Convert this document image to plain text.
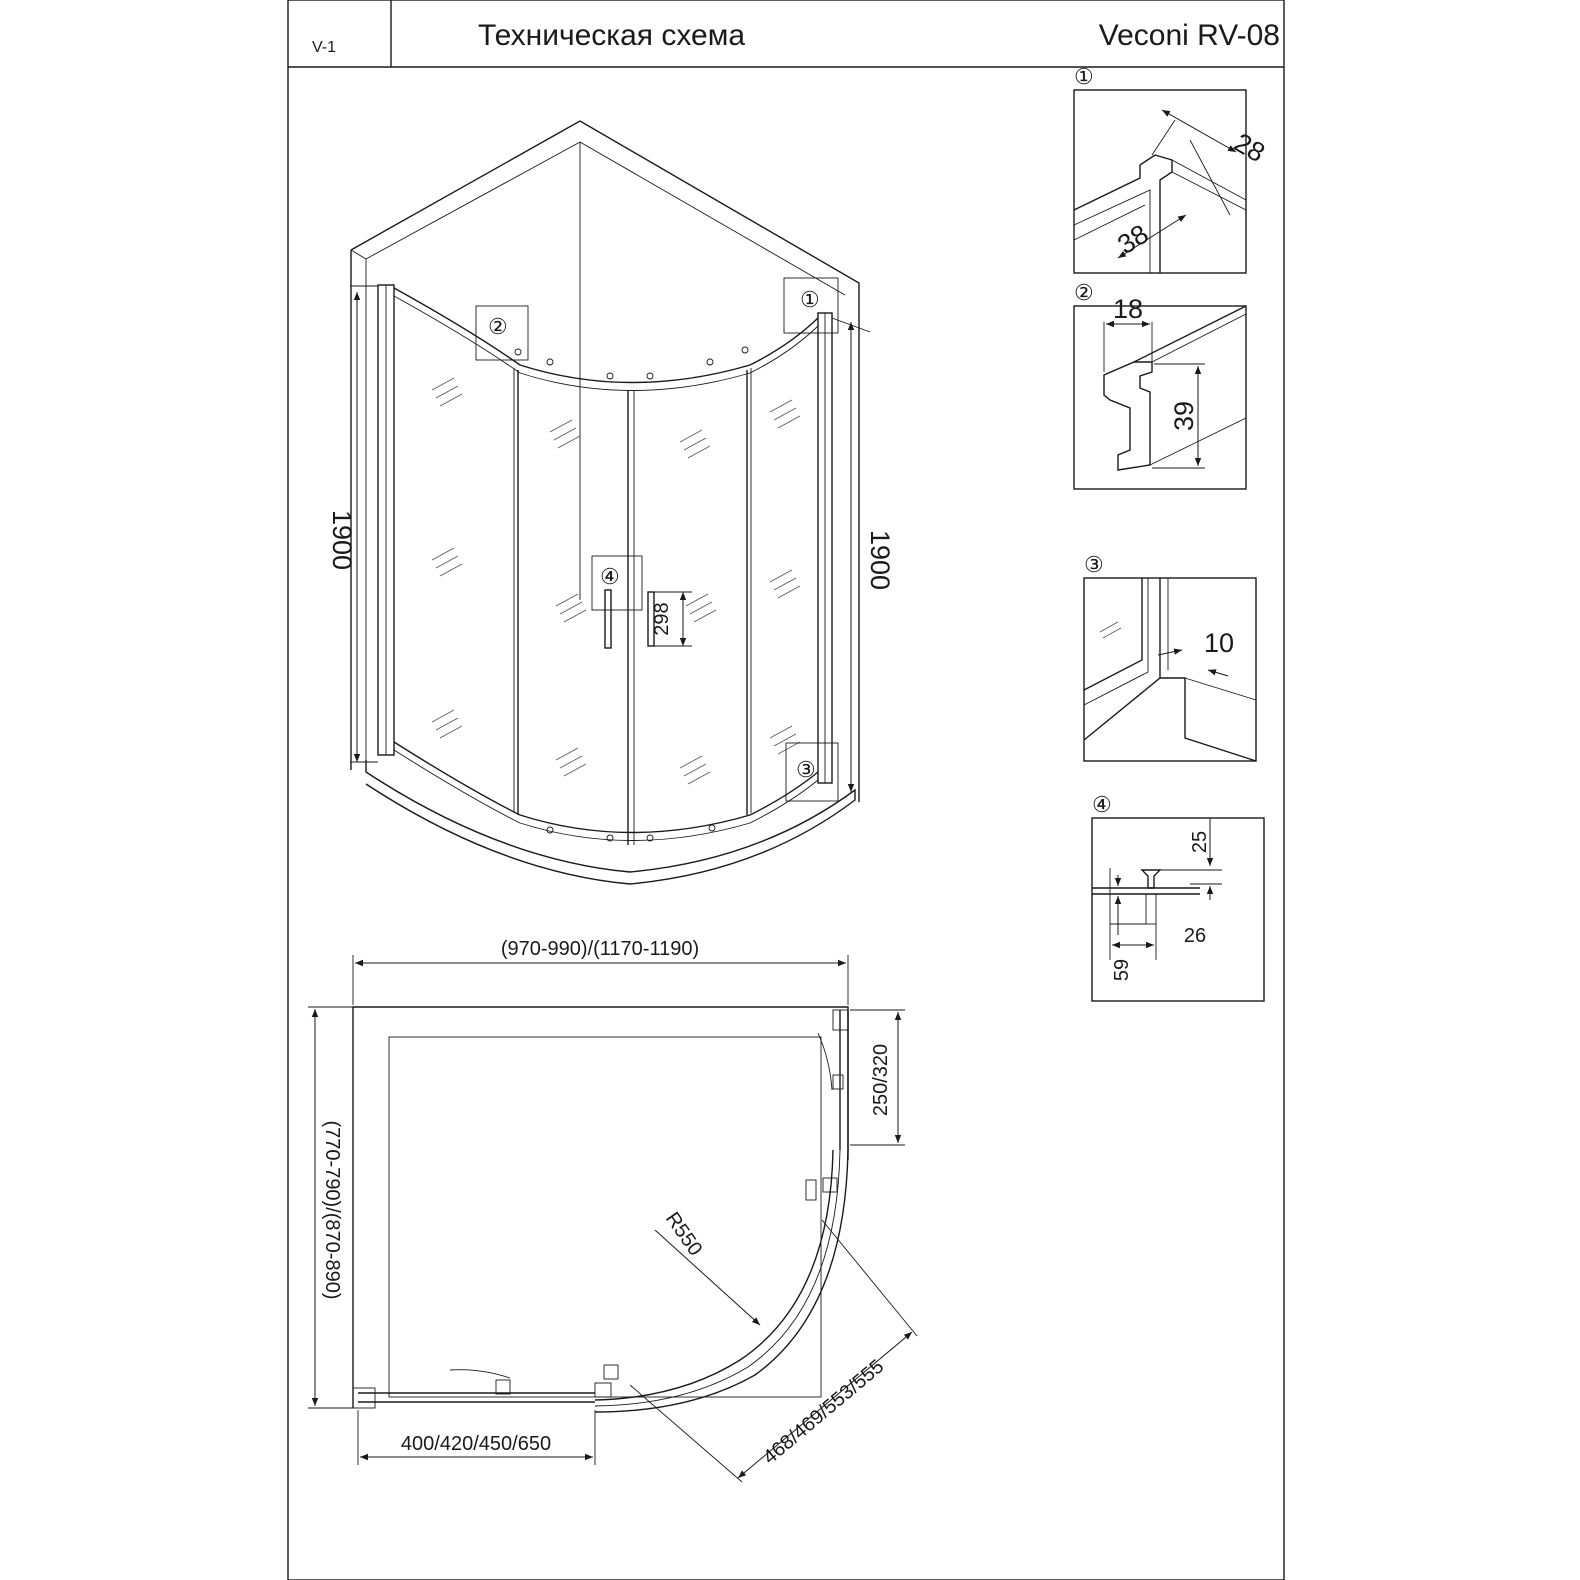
V-1	Техническая схема	Veconi RV-08
①
②
③
④
1900	1900
298
R550
(970-990)/(1170-1190)
(770-790)/(870-890)
250/320
400/420/450/650	468/469/553/555
①
28
38
②
18
39
③
10
④
25
26
59
